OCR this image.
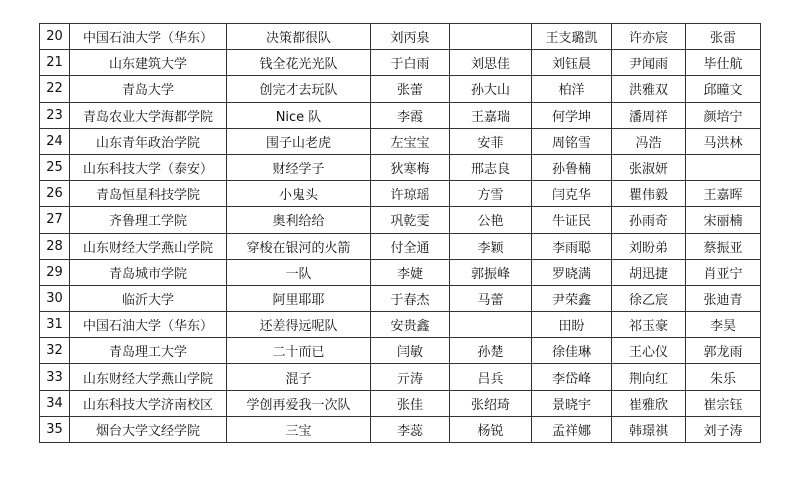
20	中国石油大学（华东）	决策都很队	刘丙泉		王支璐凯	许亦宸	张雷
21	山东建筑大学	钱全花光光队	于白雨	刘思佳	刘钰晨	尹闻雨	毕仕航
22	青岛大学	创完才去玩队	张蕾	孙大山	柏洋	洪雅双	邱曈文
23	青岛农业大学海都学院	Nice 队	李霞	王嘉瑞	何学坤	潘周祥	颜培宁
24	山东青年政治学院	围子山老虎	左宝宝	安菲	周铭雪	冯浩	马洪林
25	山东科技大学（泰安）	财经学子	狄寒梅	邢志良	孙鲁楠	张淑妍	
26	青岛恒星科技学院	小鬼头	许琼瑶	方雪	闫克华	瞿伟毅	王嘉晖
27	齐鲁理工学院	奥利给给	巩乾雯	公艳	牛证民	孙雨奇	宋丽楠
28	山东财经大学燕山学院	穿梭在银河的火箭	付全通	李颖	李雨聪	刘盼弟	蔡振亚
29	青岛城市学院	一队	李婕	郭振峰	罗晓满	胡迅捷	肖亚宁
30	临沂大学	阿里耶耶	于春杰	马蕾	尹荣鑫	徐乙宸	张迪青
31	中国石油大学（华东）	还差得远呢队	安贵鑫		田盼	祁玉豪	李昊
32	青岛理工大学	二十而已	闫敏	孙楚	徐佳琳	王心仪	郭龙雨
33	山东财经大学燕山学院	混子	亓涛	吕兵	李岱峰	荆向红	朱乐
34	山东科技大学济南校区	学创再爱我一次队	张佳	张绍琦	景晓宇	崔雅欣	崔宗钰
35	烟台大学文经学院	三宝	李蕊	杨锐	孟祥娜	韩璟祺	刘子涛
